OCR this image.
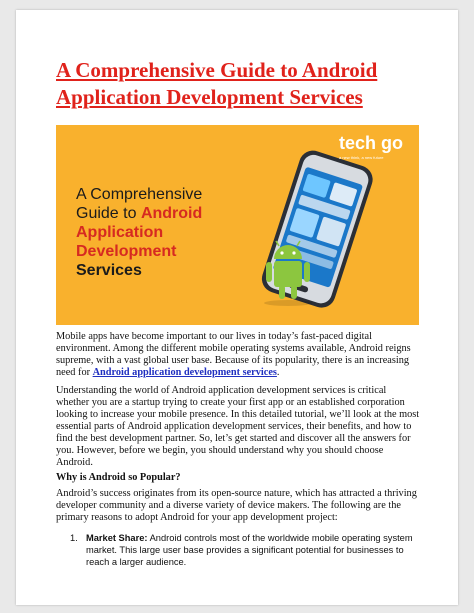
A Comprehensive Guide to Android Application Development Services
tech go
a new think, a new future
A Comprehensive
Guide to Android
Application
Development
Services

Mobile apps have become important to our lives in today’s fast-paced digital environment. Among the different mobile operating systems available, Android reigns supreme, with a vast global user base. Because of its popularity, there is an increasing need for Android application development services.

Understanding the world of Android application development services is critical whether you are a startup trying to create your first app or an established corporation looking to increase your mobile presence. In this detailed tutorial, we’ll look at the most essential parts of Android application development services, their benefits, and how to find the best development partner. So, let’s get started and discover all the answers for you. However, before we begin, you should understand why you should choose Android.

Why is Android so Popular?

Android’s success originates from its open-source nature, which has attracted a thriving developer community and a diverse variety of device makers. The following are the primary reasons to adopt Android for your app development project:

1. Market Share: Android controls most of the worldwide mobile operating system market. This large user base provides a significant potential for businesses to reach a larger audience.
